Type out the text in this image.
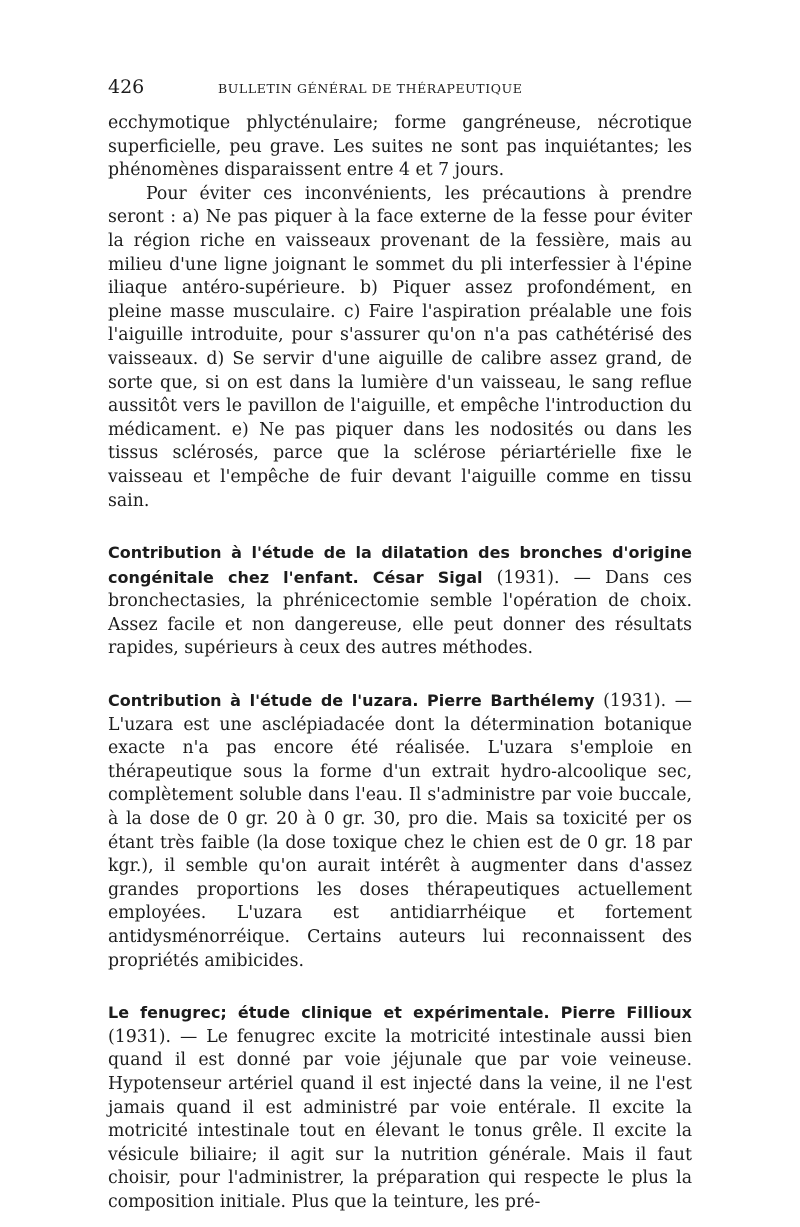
426	BULLETIN GÉNÉRAL DE THÉRAPEUTIQUE

ecchymotique phlycténulaire; forme gangréneuse, nécrotique superficielle, peu grave. Les suites ne sont pas inquiétantes; les phénomènes disparaissent entre 4 et 7 jours.

Pour éviter ces inconvénients, les précautions à prendre seront : a) Ne pas piquer à la face externe de la fesse pour éviter la région riche en vaisseaux provenant de la fessière, mais au milieu d'une ligne joignant le sommet du pli interfessier à l'épine iliaque antéro-supérieure. b) Piquer assez profondément, en pleine masse musculaire. c) Faire l'aspiration préalable une fois l'aiguille introduite, pour s'assurer qu'on n'a pas cathétérisé des vaisseaux. d) Se servir d'une aiguille de calibre assez grand, de sorte que, si on est dans la lumière d'un vaisseau, le sang reflue aussitôt vers le pavillon de l'aiguille, et empêche l'introduction du médicament. e) Ne pas piquer dans les nodosités ou dans les tissus sclérosés, parce que la sclérose périartérielle fixe le vaisseau et l'empêche de fuir devant l'aiguille comme en tissu sain.

Contribution à l'étude de la dilatation des bronches d'origine congénitale chez l'enfant. César Sigal (1931). — Dans ces bronchectasies, la phrénicectomie semble l'opération de choix. Assez facile et non dangereuse, elle peut donner des résultats rapides, supérieurs à ceux des autres méthodes.

Contribution à l'étude de l'uzara. Pierre Barthélemy (1931). — L'uzara est une asclépiadacée dont la détermination botanique exacte n'a pas encore été réalisée. L'uzara s'emploie en thérapeutique sous la forme d'un extrait hydro-alcoolique sec, complètement soluble dans l'eau. Il s'administre par voie buccale, à la dose de 0 gr. 20 à 0 gr. 30, pro die. Mais sa toxicité per os étant très faible (la dose toxique chez le chien est de 0 gr. 18 par kgr.), il semble qu'on aurait intérêt à augmenter dans d'assez grandes proportions les doses thérapeutiques actuellement employées. L'uzara est antidiarrhéique et fortement antidysménorréique. Certains auteurs lui reconnaissent des propriétés amibicides.

Le fenugrec; étude clinique et expérimentale. Pierre Fillioux (1931). — Le fenugrec excite la motricité intestinale aussi bien quand il est donné par voie jéjunale que par voie veineuse. Hypotenseur artériel quand il est injecté dans la veine, il ne l'est jamais quand il est administré par voie entérale. Il excite la motricité intestinale tout en élevant le tonus grêle. Il excite la vésicule biliaire; il agit sur la nutrition générale. Mais il faut choisir, pour l'administrer, la préparation qui respecte le plus la composition initiale. Plus que la teinture, les pré-
